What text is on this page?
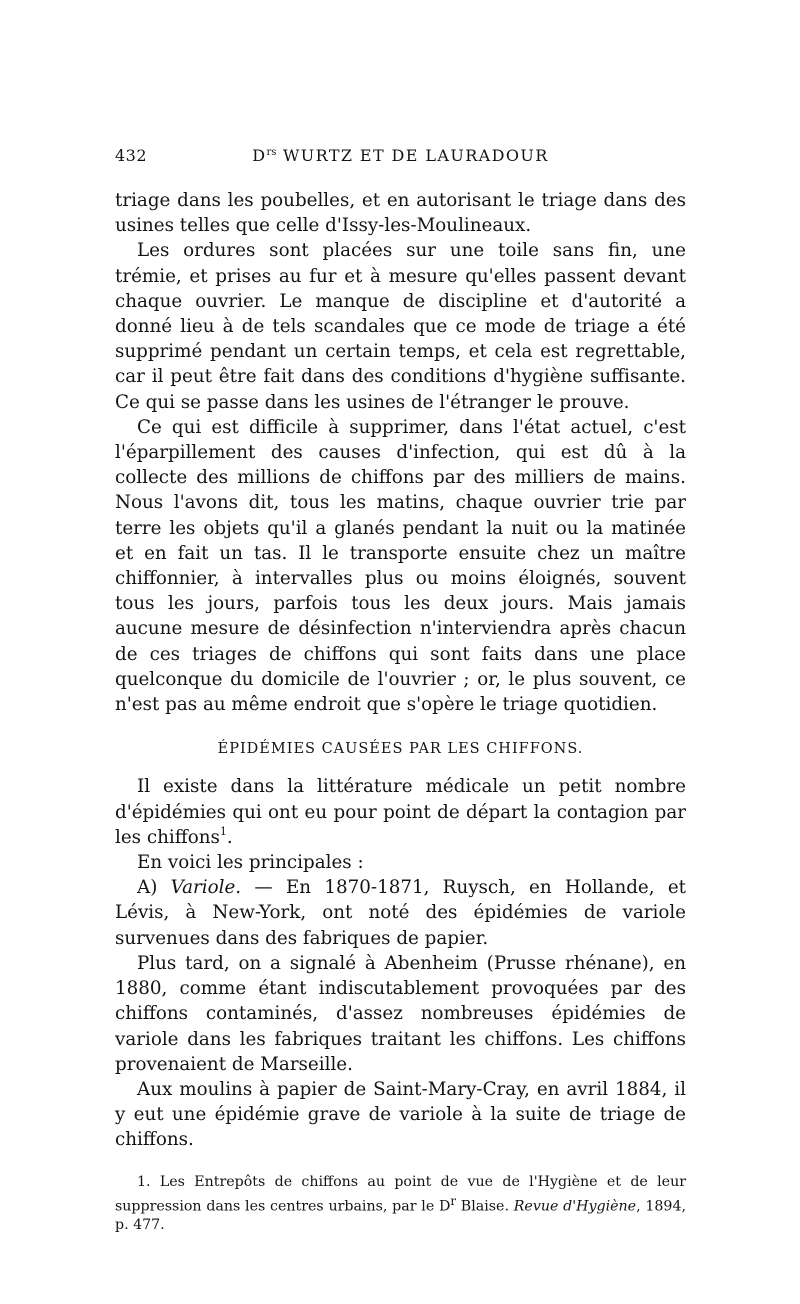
432	$D^{rs}$ WURTZ ET DE LAURADOUR

triage dans les poubelles, et en autorisant le triage dans des usines telles que celle d'Issy-les-Moulineaux.

Les ordures sont placées sur une toile sans fin, une trémie, et prises au fur et à mesure qu'elles passent devant chaque ouvrier. Le manque de discipline et d'autorité a donné lieu à de tels scandales que ce mode de triage a été supprimé pendant un certain temps, et cela est regrettable, car il peut être fait dans des conditions d'hygiène suffisante. Ce qui se passe dans les usines de l'étranger le prouve.

Ce qui est difficile à supprimer, dans l'état actuel, c'est l'éparpillement des causes d'infection, qui est dû à la collecte des millions de chiffons par des milliers de mains. Nous l'avons dit, tous les matins, chaque ouvrier trie par terre les objets qu'il a glanés pendant la nuit ou la matinée et en fait un tas. Il le transporte ensuite chez un maître chiffonnier, à intervalles plus ou moins éloignés, souvent tous les jours, parfois tous les deux jours. Mais jamais aucune mesure de désinfection n'interviendra après chacun de ces triages de chiffons qui sont faits dans une place quelconque du domicile de l'ouvrier ; or, le plus souvent, ce n'est pas au même endroit que s'opère le triage quotidien.

ÉPIDÉMIES CAUSÉES PAR LES CHIFFONS.

Il existe dans la littérature médicale un petit nombre d'épidémies qui ont eu pour point de départ la contagion par les chiffons$^1$.

En voici les principales :

A) Variole. — En 1870-1871, Ruysch, en Hollande, et Lévis, à New-York, ont noté des épidémies de variole survenues dans des fabriques de papier.

Plus tard, on a signalé à Abenheim (Prusse rhénane), en 1880, comme étant indiscutablement provoquées par des chiffons contaminés, d'assez nombreuses épidémies de variole dans les fabriques traitant les chiffons. Les chiffons provenaient de Marseille.

Aux moulins à papier de Saint-Mary-Cray, en avril 1884, il y eut une épidémie grave de variole à la suite de triage de chiffons.

1. Les Entrepôts de chiffons au point de vue de l'Hygiène et de leur suppression dans les centres urbains, par le $D^r$ Blaise. Revue d'Hygiène, 1894, p. 477.
